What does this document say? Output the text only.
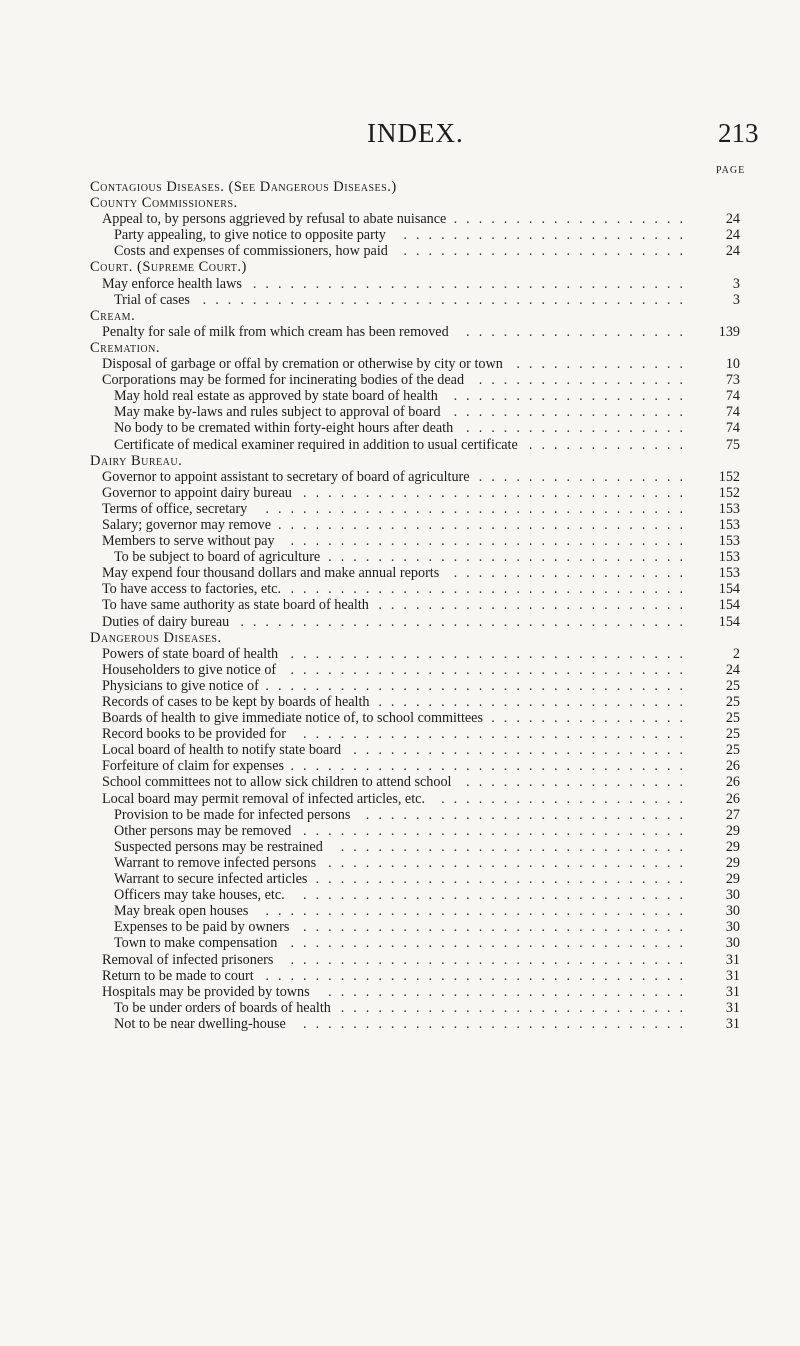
INDEX.	213
PAGE
Contagious Diseases. (See Dangerous Diseases.)
County Commissioners.
Appeal to, by persons aggrieved by refusal to abate nuisance	24
...................
Party appealing, to give notice to opposite party	24
.......................
Costs and expenses of commissioners, how paid	24
.......................
Court. (Supreme Court.)
May enforce health laws	3
...................................
Trial of cases	3
.......................................
Cream.
Penalty for sale of milk from which cream has been removed	139
..................
Cremation.
Disposal of garbage or offal by cremation or otherwise by city or town	10
..............
Corporations may be formed for incinerating bodies of the dead	73
.................
May hold real estate as approved by state board of health	74
...................
May make by-laws and rules subject to approval of board	74
...................
No body to be cremated within forty-eight hours after death	74
..................
Certificate of medical examiner required in addition to usual certificate	75
.............
Dairy Bureau.
Governor to appoint assistant to secretary of board of agriculture	152
.................
Governor to appoint dairy bureau	152
...............................
Terms of office, secretary	153
..................................
Salary; governor may remove	153
.................................
Members to serve without pay	153
................................
To be subject to board of agriculture	153
.............................
May expend four thousand dollars and make annual reports	153
...................
To have access to factories, etc.	154
................................
To have same authority as state board of health	154
.........................
Duties of dairy bureau	154
....................................
Dangerous Diseases.
Powers of state board of health	2
................................
Householders to give notice of	24
................................
Physicians to give notice of	25
..................................
Records of cases to be kept by boards of health	25
.........................
Boards of health to give immediate notice of, to school committees	25
................
Record books to be provided for	25
...............................
Local board of health to notify state board	25
...........................
Forfeiture of claim for expenses	26
................................
School committees not to allow sick children to attend school	26
..................
Local board may permit removal of infected articles, etc.	26
....................
Provision to be made for infected persons	27
..........................
Other persons may be removed	29
...............................
Suspected persons may be restrained	29
............................
Warrant to remove infected persons	29
.............................
Warrant to secure infected articles	29
..............................
Officers may take houses, etc.	30
...............................
May break open houses	30
..................................
Expenses to be paid by owners	30
...............................
Town to make compensation	30
................................
Removal of infected prisoners	31
................................
Return to be made to court	31
..................................
Hospitals may be provided by towns	31
.............................
To be under orders of boards of health	31
............................
Not to be near dwelling-house	31
...............................
